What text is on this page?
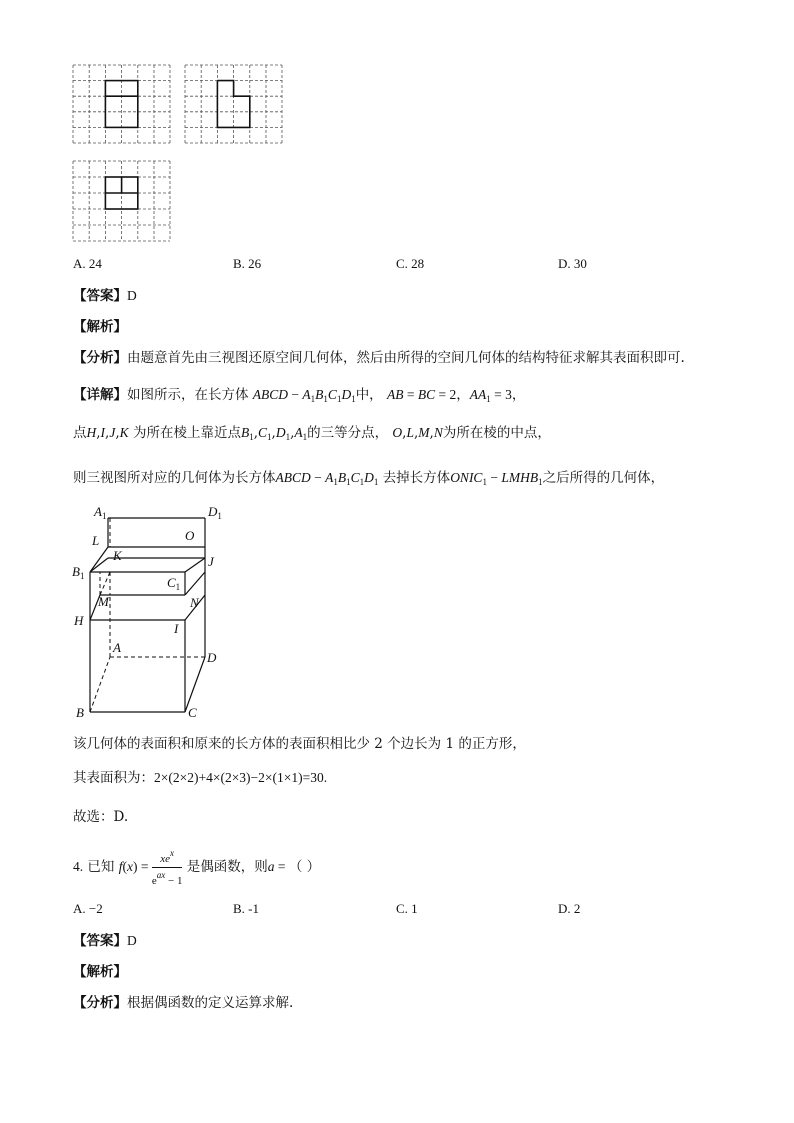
A. 24	B. 26	C. 28	D. 30
【答案】D
【解析】
【分析】由题意首先由三视图还原空间几何体，然后由所得的空间几何体的结构特征求解其表面积即可.
【详解】如图所示，在长方体 ABCD − $A_1B_1C_1D_1$中， AB = BC = 2，$AA_1 = 3$，
点H,I,J,K 为所在棱上靠近点$B_1,C_1,D_1,A_1$的三等分点， O,L,M,N为所在棱的中点，
则三视图所对应的几何体为长方体ABCD − $A_1B_1C_1D_1$ 去掉长方体$ONIC_1$ − $LMHB_1$之后所得的几何体，
$A_1$	$D_1$
L	O
K	J
$B_1$	$C_1$
M	N
H
I
A
D
B	C
该几何体的表面积和原来的长方体的表面积相比少 2 个边长为 1 的正方形，
其表面积为：2×(2×2)+4×(2×3)−2×(1×1)=30.
故选：D.
4. 已知 $f(x) = \frac{xe^x}{e^{ax} - 1}$ 是偶函数，则a = （ ）
A. −2	B. -1	C. 1	D. 2
【答案】D
【解析】
【分析】根据偶函数的定义运算求解.
